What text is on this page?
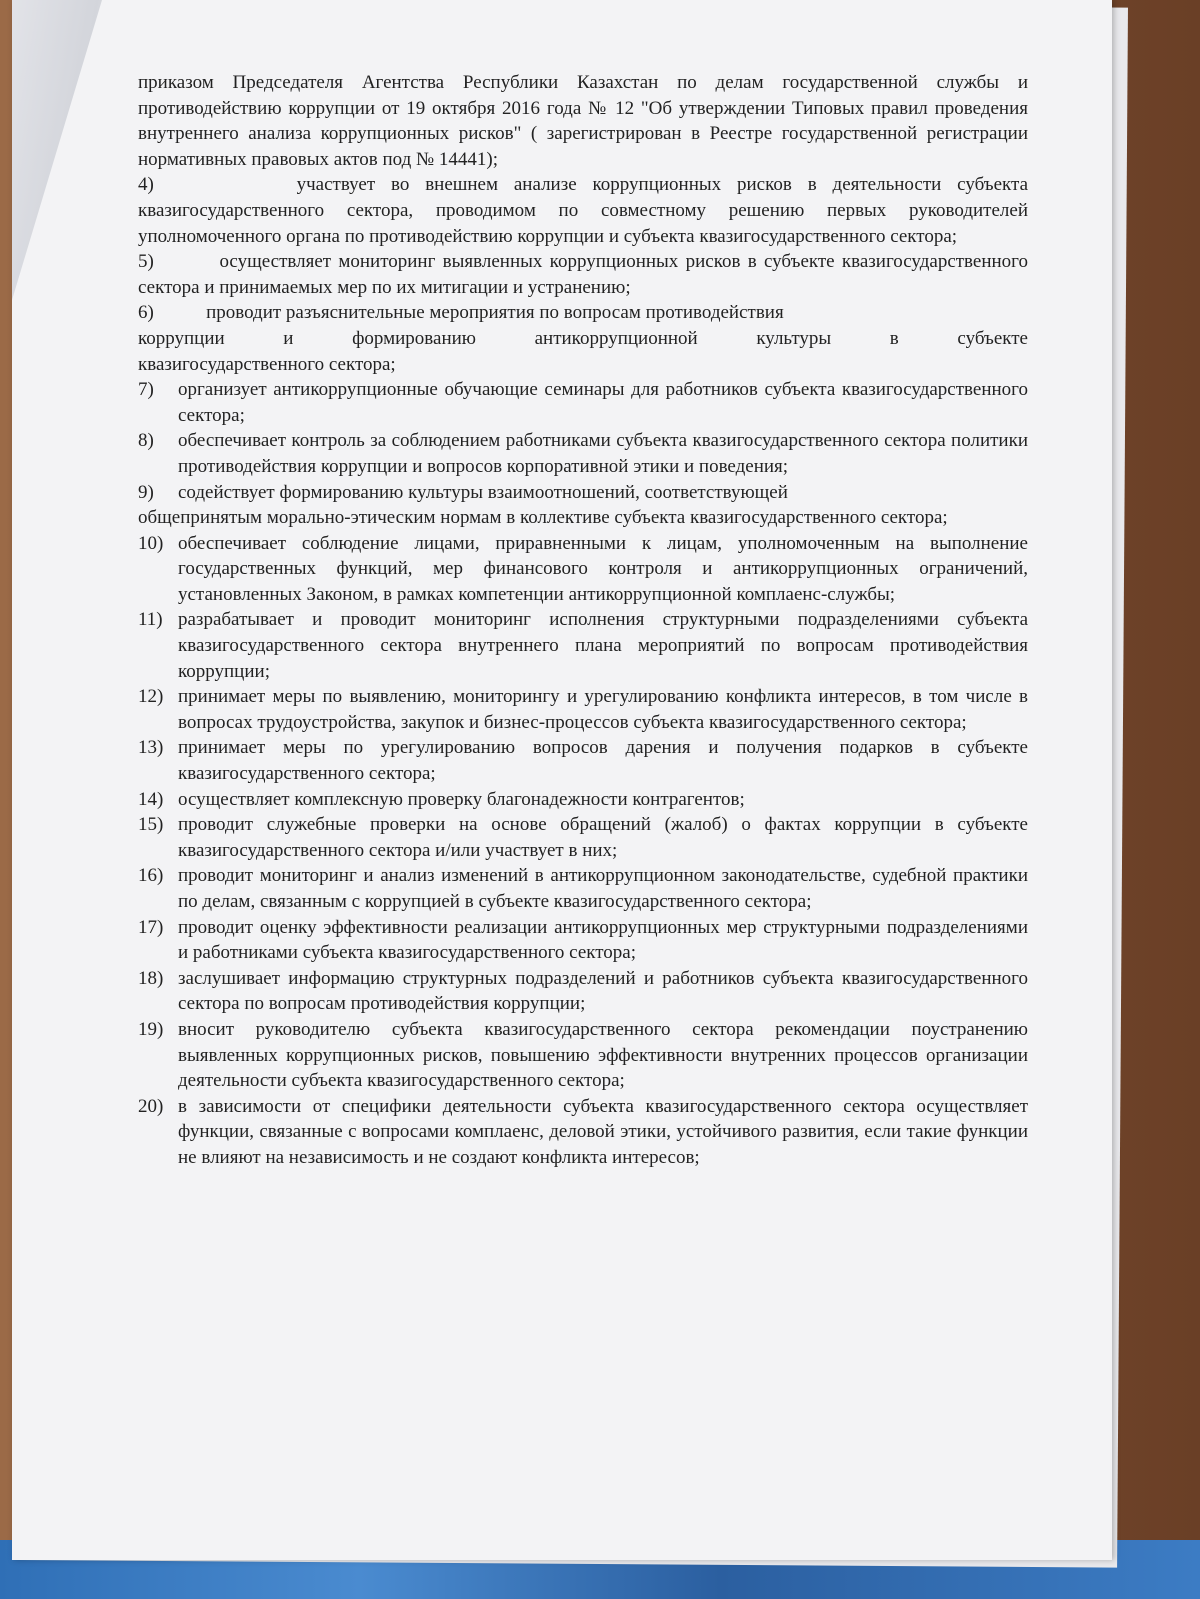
приказом Председателя Агентства Республики Казахстан по делам государственной службы и противодействию коррупции от 19 октября 2016 года № 12 "Об утверждении Типовых правил проведения внутреннего анализа коррупционных рисков" ( зарегистрирован в Реестре государственной регистрации нормативных правовых актов под № 14441);

4)	участвует во внешнем анализе коррупционных рисков в деятельности субъекта квазигосударственного сектора, проводимом по совместному решению первых руководителей уполномоченного органа по противодействию коррупции и субъекта квазигосударственного сектора;

5)	осуществляет мониторинг выявленных коррупционных рисков в субъекте квазигосударственного сектора и принимаемых мер по их митигации и устранению;

6)	проводит разъяснительные мероприятия по вопросам противодействия

коррупции и формированию антикоррупционной культуры в субъекте

квазигосударственного сектора;

7)	организует антикоррупционные обучающие семинары для работников субъекта квазигосударственного сектора;
8)	обеспечивает контроль за соблюдением работниками субъекта квазигосударственного сектора политики противодействия коррупции и вопросов корпоративной этики и поведения;
9)	содействует формированию культуры взаимоотношений, соответствующей

общепринятым морально-этическим нормам в коллективе субъекта квазигосударственного сектора;

10) обеспечивает соблюдение лицами, приравненными к лицам, уполномоченным на выполнение государственных функций, мер финансового контроля и антикоррупционных ограничений, установленных Законом, в рамках компетенции антикоррупционной комплаенс-службы;
11) разрабатывает и проводит мониторинг исполнения структурными подразделениями субъекта квазигосударственного сектора внутреннего плана мероприятий по вопросам противодействия коррупции;
12) принимает меры по выявлению, мониторингу и урегулированию конфликта интересов, в том числе в вопросах трудоустройства, закупок и бизнес-процессов субъекта квазигосударственного сектора;
13) принимает меры по урегулированию вопросов дарения и получения подарков в субъекте квазигосударственного сектора;
14) осуществляет комплексную проверку благонадежности контрагентов;
15) проводит служебные проверки на основе обращений (жалоб) о фактах коррупции в субъекте квазигосударственного сектора и/или участвует в них;
16) проводит мониторинг и анализ изменений в антикоррупционном законодательстве, судебной практики по делам, связанным с коррупцией в субъекте квазигосударственного сектора;
17) проводит оценку эффективности реализации антикоррупционных мер структурными подразделениями и работниками субъекта квазигосударственного сектора;
18) заслушивает информацию структурных подразделений и работников субъекта квазигосударственного сектора по вопросам противодействия коррупции;
19) вносит руководителю субъекта квазигосударственного сектора рекомендации поустранению выявленных коррупционных рисков, повышению эффективности внутренних процессов организации деятельности субъекта квазигосударственного сектора;
20) в зависимости от специфики деятельности субъекта квазигосударственного сектора осуществляет функции, связанные с вопросами комплаенс, деловой этики, устойчивого развития, если такие функции не влияют на независимость и не создают конфликта интересов;
